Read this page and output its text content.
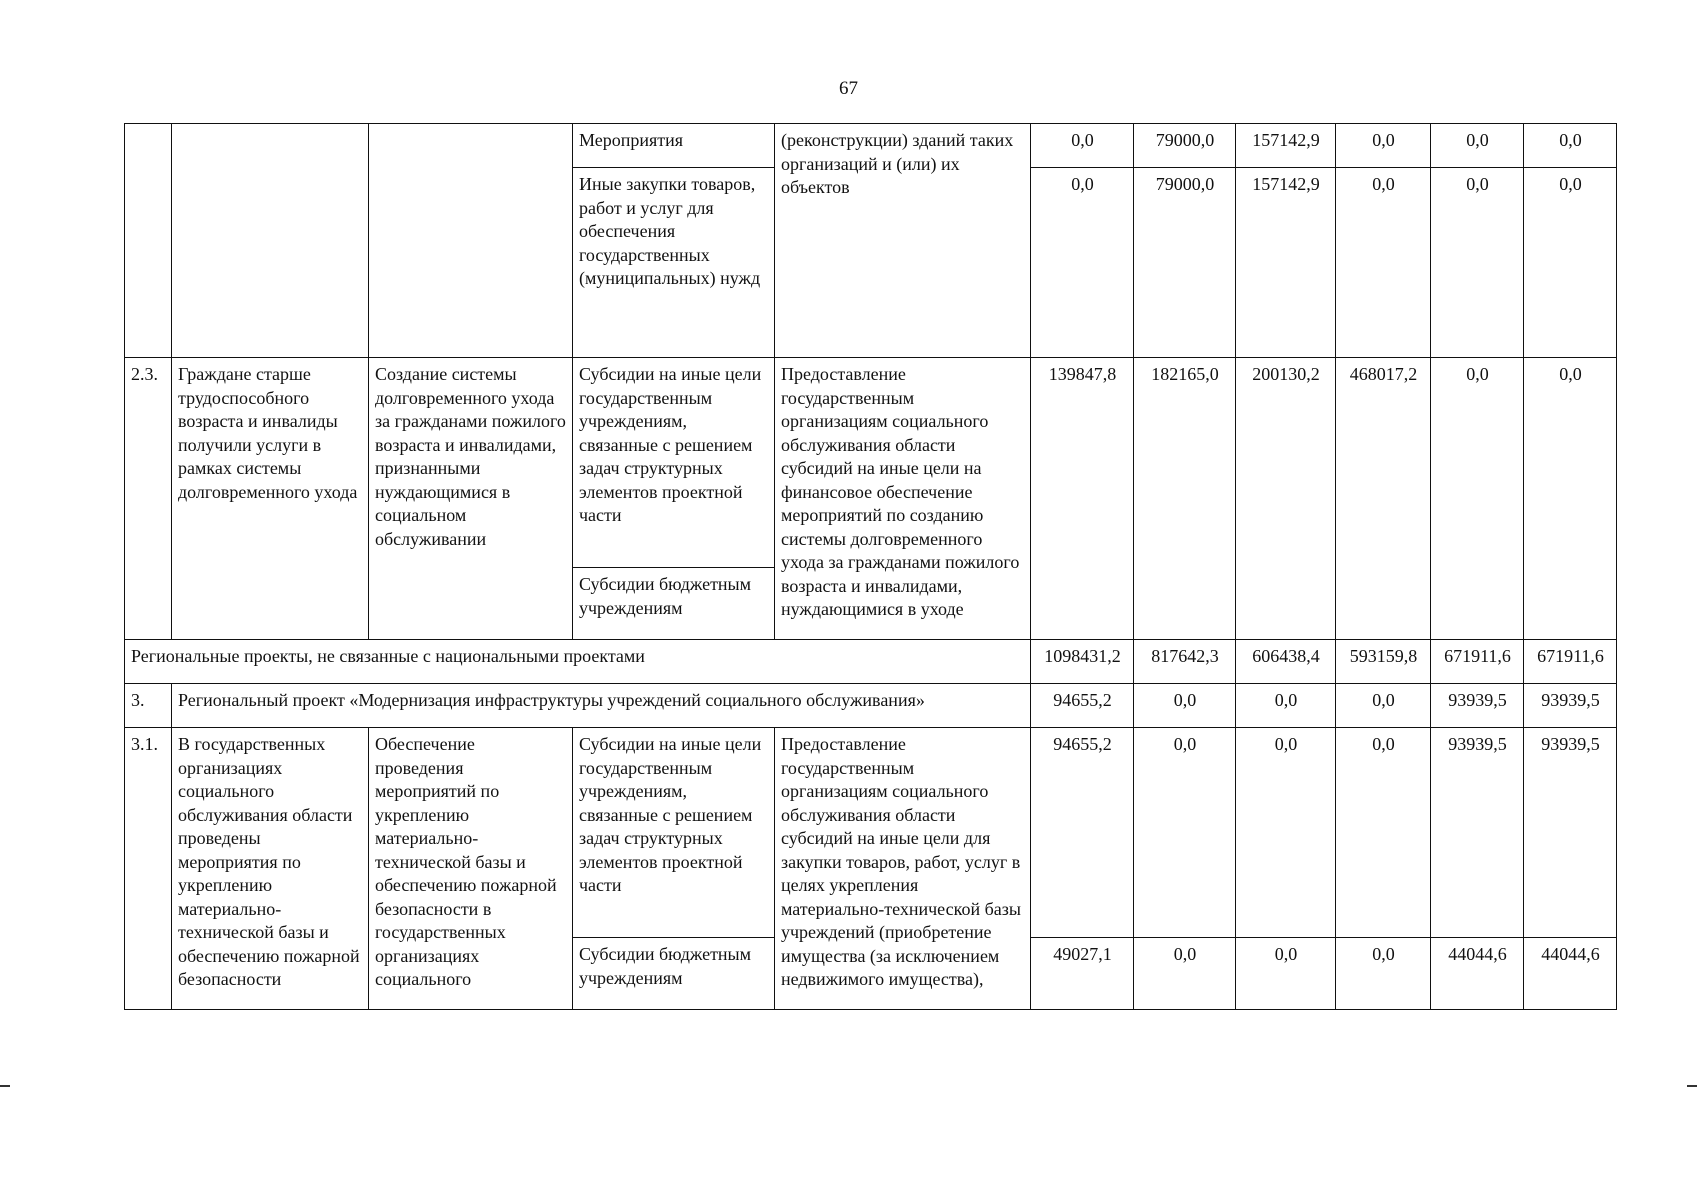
67
			Мероприятия	(реконструкции) зданий таких организаций и (или) их объектов	0,0	79000,0	157142,9	0,0	0,0	0,0
			Иные закупки товаров, работ и услуг для обеспечения государственных (муниципальных) нужд		0,0	79000,0	157142,9	0,0	0,0	0,0
2.3.	Граждане старше трудоспособного возраста и инвалиды получили услуги в рамках системы долговременного ухода	Создание системы долговременного ухода за гражданами пожилого возраста и инвалидами, признанными нуждающимися в социальном обслуживании	Субсидии на иные цели государственным учреждениям, связанные с решением задач структурных элементов проектной части	Предоставление государственным организациям социального обслуживания области субсидий на иные цели на финансовое обеспечение мероприятий по созданию системы долговременного ухода за гражданами пожилого возраста и инвалидами, нуждающимися в уходе	139847,8	182165,0	200130,2	468017,2	0,0	0,0
			Субсидии бюджетным учреждениям							
Региональные проекты, не связанные с национальными проектами					1098431,2	817642,3	606438,4	593159,8	671911,6	671911,6
3.	Региональный проект «Модернизация инфраструктуры учреждений социального обслуживания»				94655,2	0,0	0,0	0,0	93939,5	93939,5
3.1.	В государственных организациях социального обслуживания области проведены мероприятия по укреплению материально-технической базы и обеспечению пожарной безопасности	Обеспечение проведения мероприятий по укреплению материально-технической базы и обеспечению пожарной безопасности в государственных организациях социального	Субсидии на иные цели государственным учреждениям, связанные с решением задач структурных элементов проектной части	Предоставление государственным организациям социального обслуживания области субсидий на иные цели для закупки товаров, работ, услуг в целях укрепления материально-технической базы учреждений (приобретение имущества (за исключением недвижимого имущества),	94655,2	0,0	0,0	0,0	93939,5	93939,5
			Субсидии бюджетным учреждениям		49027,1	0,0	0,0	0,0	44044,6	44044,6
